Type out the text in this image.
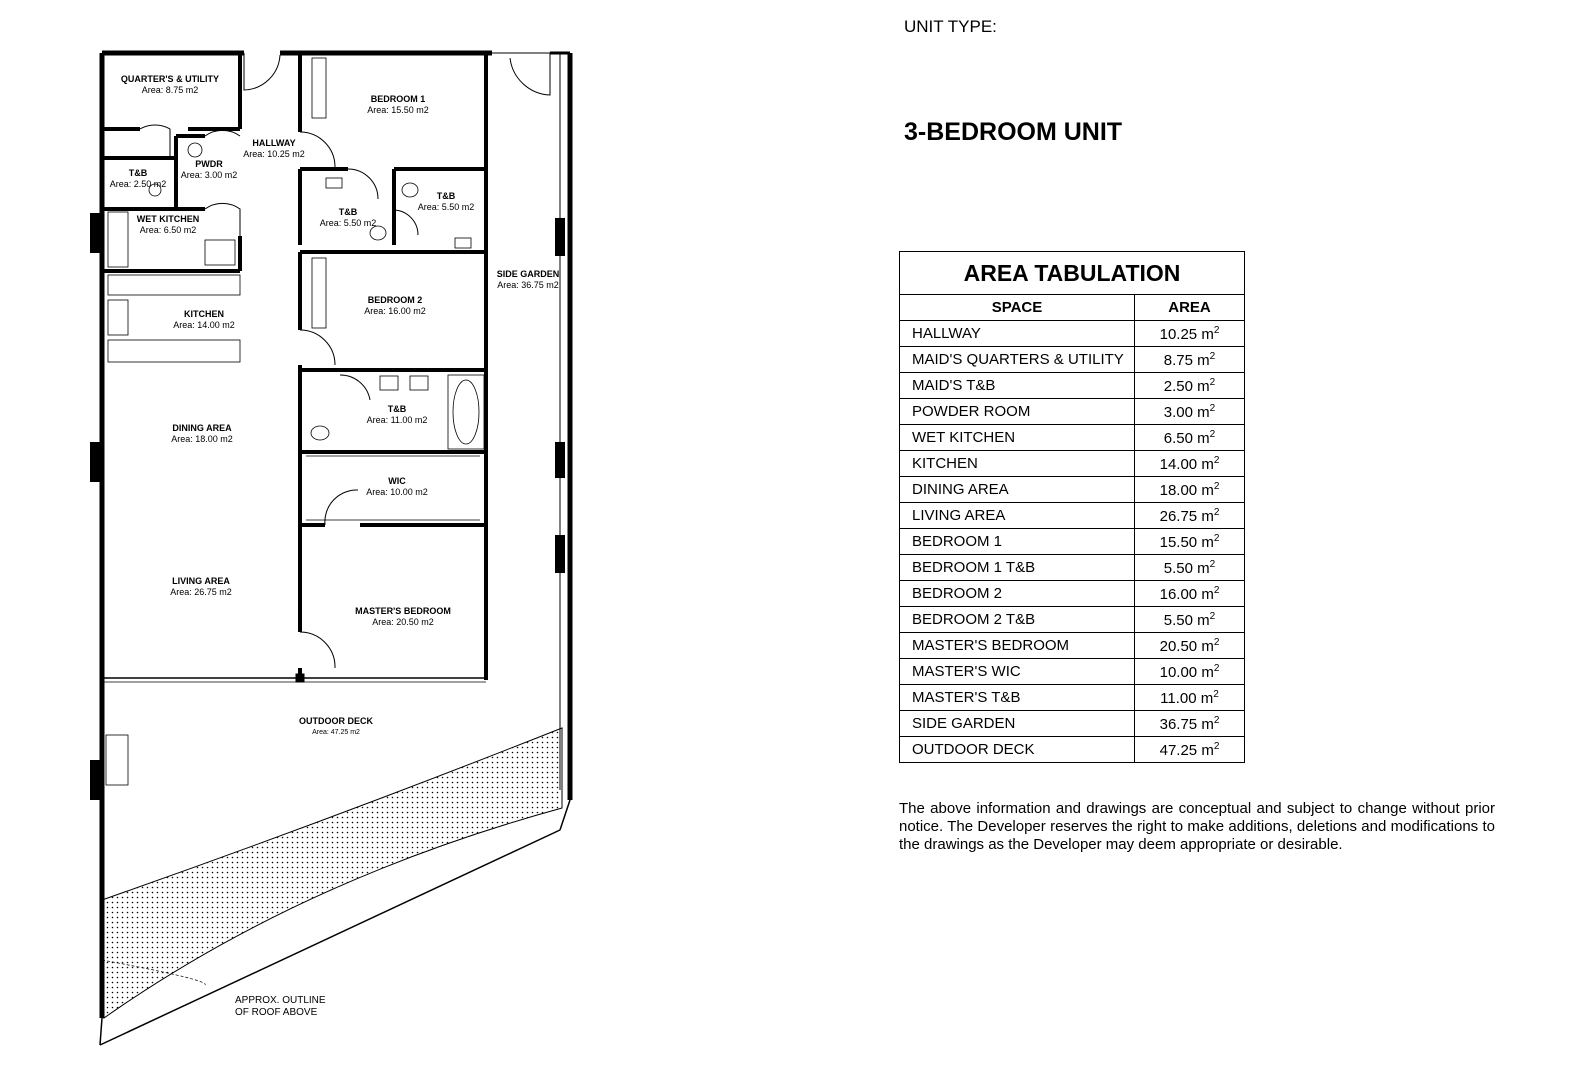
QUARTER'S & UTILITY
Area: 8.75 m2
BEDROOM 1
Area: 15.50 m2
HALLWAY
Area: 10.25 m2
T&B
Area: 2.50 m2
PWDR
Area: 3.00 m2
T&B
Area: 5.50 m2
T&B
Area: 5.50 m2
WET KITCHEN
Area: 6.50 m2
SIDE GARDEN
Area: 36.75 m2
BEDROOM 2
Area: 16.00 m2
KITCHEN
Area: 14.00 m2
T&B
Area: 11.00 m2
DINING AREA
Area: 18.00 m2
WIC
Area: 10.00 m2
LIVING AREA
Area: 26.75 m2
MASTER'S BEDROOM
Area: 20.50 m2
OUTDOOR DECK
Area: 47.25 m2
APPROX. OUTLINE
OF ROOF ABOVE
UNIT TYPE:
3-BEDROOM UNIT
AREA TABULATION	
SPACE	AREA
HALLWAY	10.25 $m^2$
MAID'S QUARTERS & UTILITY	8.75 $m^2$
MAID'S T&B	2.50 $m^2$
POWDER ROOM	3.00 $m^2$
WET KITCHEN	6.50 $m^2$
KITCHEN	14.00 $m^2$
DINING AREA	18.00 $m^2$
LIVING AREA	26.75 $m^2$
BEDROOM 1	15.50 $m^2$
BEDROOM 1 T&B	5.50 $m^2$
BEDROOM 2	16.00 $m^2$
BEDROOM 2 T&B	5.50 $m^2$
MASTER'S BEDROOM	20.50 $m^2$
MASTER'S WIC	10.00 $m^2$
MASTER'S T&B	11.00 $m^2$
SIDE GARDEN	36.75 $m^2$
OUTDOOR DECK	47.25 $m^2$
The above information and drawings are conceptual and subject to change without prior notice. The Developer reserves the right to make additions, deletions and modifications to the drawings as the Developer may deem appropriate or desirable.
